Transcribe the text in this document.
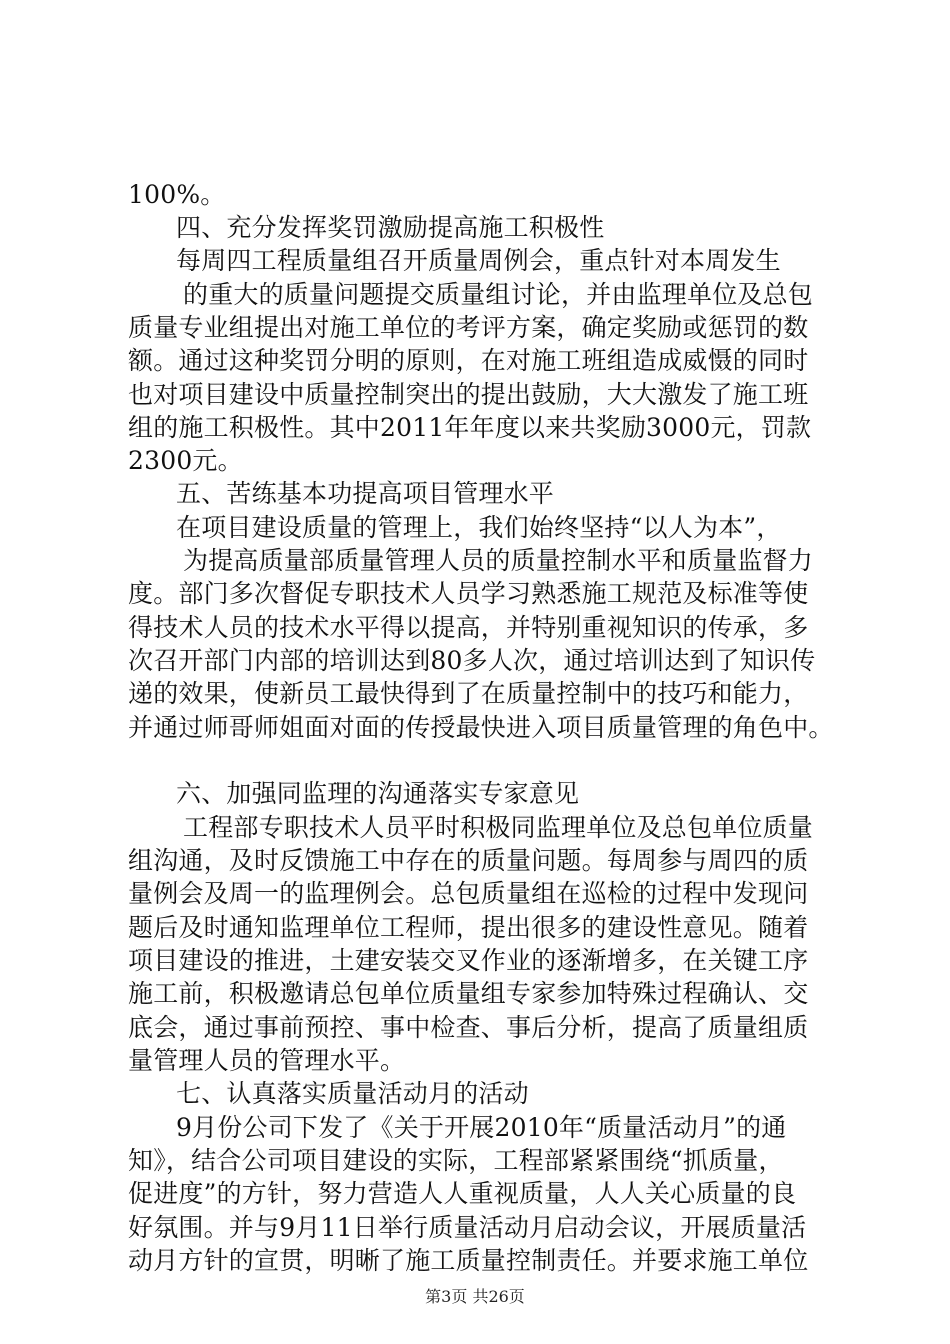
100%。
四、充分发挥奖罚激励提高施工积极性
每周四工程质量组召开质量周例会，重点针对本周发生
的重大的质量问题提交质量组讨论，并由监理单位及总包
质量专业组提出对施工单位的考评方案，确定奖励或惩罚的数
额。通过这种奖罚分明的原则，在对施工班组造成威慑的同时
也对项目建设中质量控制突出的提出鼓励，大大激发了施工班
组的施工积极性。其中2011年年度以来共奖励3000元，罚款
2300元。
五、苦练基本功提高项目管理水平
在项目建设质量的管理上，我们始终坚持“以人为本”，
为提高质量部质量管理人员的质量控制水平和质量监督力
度。部门多次督促专职技术人员学习熟悉施工规范及标准等使
得技术人员的技术水平得以提高，并特别重视知识的传承，多
次召开部门内部的培训达到80多人次，通过培训达到了知识传
递的效果，使新员工最快得到了在质量控制中的技巧和能力，
并通过师哥师姐面对面的传授最快进入项目质量管理的角色中。
六、加强同监理的沟通落实专家意见
工程部专职技术人员平时积极同监理单位及总包单位质量
组沟通，及时反馈施工中存在的质量问题。每周参与周四的质
量例会及周一的监理例会。总包质量组在巡检的过程中发现问
题后及时通知监理单位工程师，提出很多的建设性意见。随着
项目建设的推进，土建安装交叉作业的逐渐增多，在关键工序
施工前，积极邀请总包单位质量组专家参加特殊过程确认、交
底会，通过事前预控、事中检查、事后分析，提高了质量组质
量管理人员的管理水平。
七、认真落实质量活动月的活动
9月份公司下发了《关于开展2010年“质量活动月”的通
知》，结合公司项目建设的实际，工程部紧紧围绕“抓质量，
促进度”的方针，努力营造人人重视质量，人人关心质量的良
好氛围。并与9月11日举行质量活动月启动会议，开展质量活
动月方针的宣贯，明晰了施工质量控制责任。并要求施工单位
第3页 共26页
